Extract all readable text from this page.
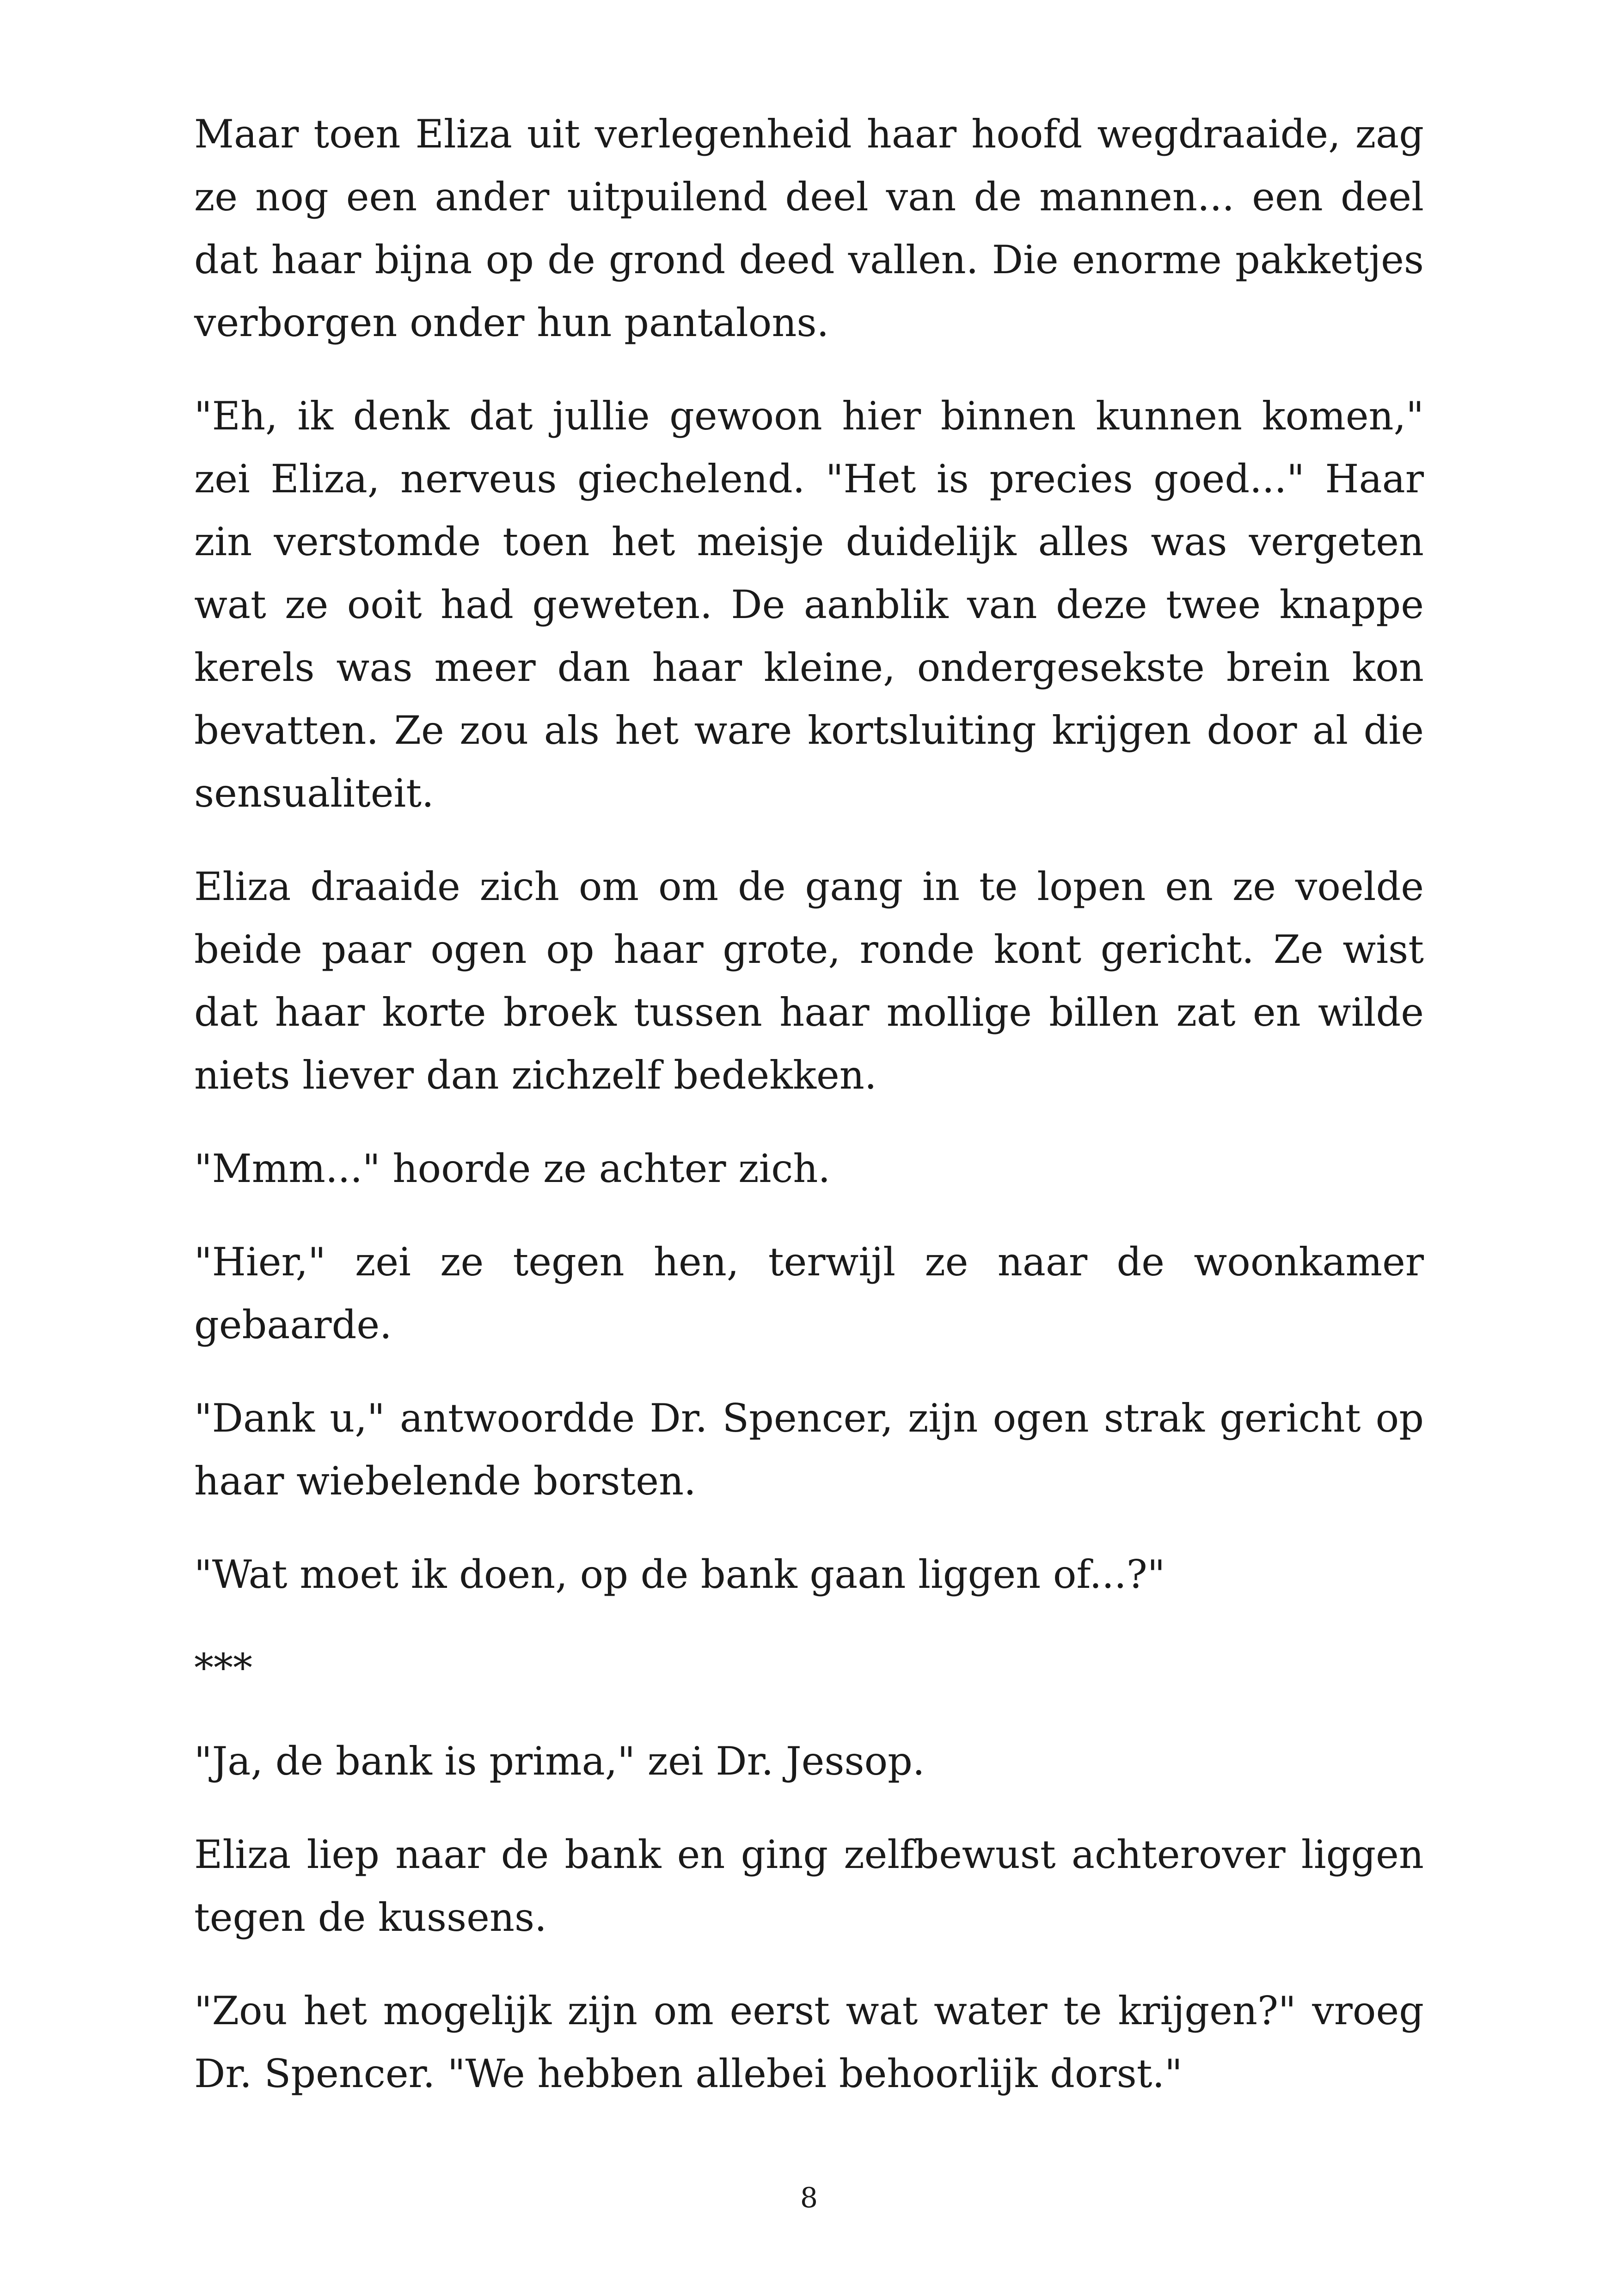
Maar toen Eliza uit verlegenheid haar hoofd wegdraaide, zag ze nog een ander uitpuilend deel van de mannen... een deel dat haar bijna op de grond deed vallen. Die enorme pakketjes verborgen onder hun pantalons.

"Eh, ik denk dat jullie gewoon hier binnen kunnen komen," zei Eliza, nerveus giechelend. "Het is precies goed..." Haar zin verstomde toen het meisje duidelijk alles was vergeten wat ze ooit had geweten. De aanblik van deze twee knappe kerels was meer dan haar kleine, ondergesekste brein kon bevatten. Ze zou als het ware kortsluiting krijgen door al die sensualiteit.

Eliza draaide zich om om de gang in te lopen en ze voelde beide paar ogen op haar grote, ronde kont gericht. Ze wist dat haar korte broek tussen haar mollige billen zat en wilde niets liever dan zichzelf bedekken.

"Mmm..." hoorde ze achter zich.

"Hier," zei ze tegen hen, terwijl ze naar de woonkamer gebaarde.

"Dank u," antwoordde Dr. Spencer, zijn ogen strak gericht op haar wiebelende borsten.

"Wat moet ik doen, op de bank gaan liggen of...?"

***

"Ja, de bank is prima," zei Dr. Jessop.

Eliza liep naar de bank en ging zelfbewust achterover liggen tegen de kussens.

"Zou het mogelijk zijn om eerst wat water te krijgen?" vroeg Dr. Spencer. "We hebben allebei behoorlijk dorst."

8
